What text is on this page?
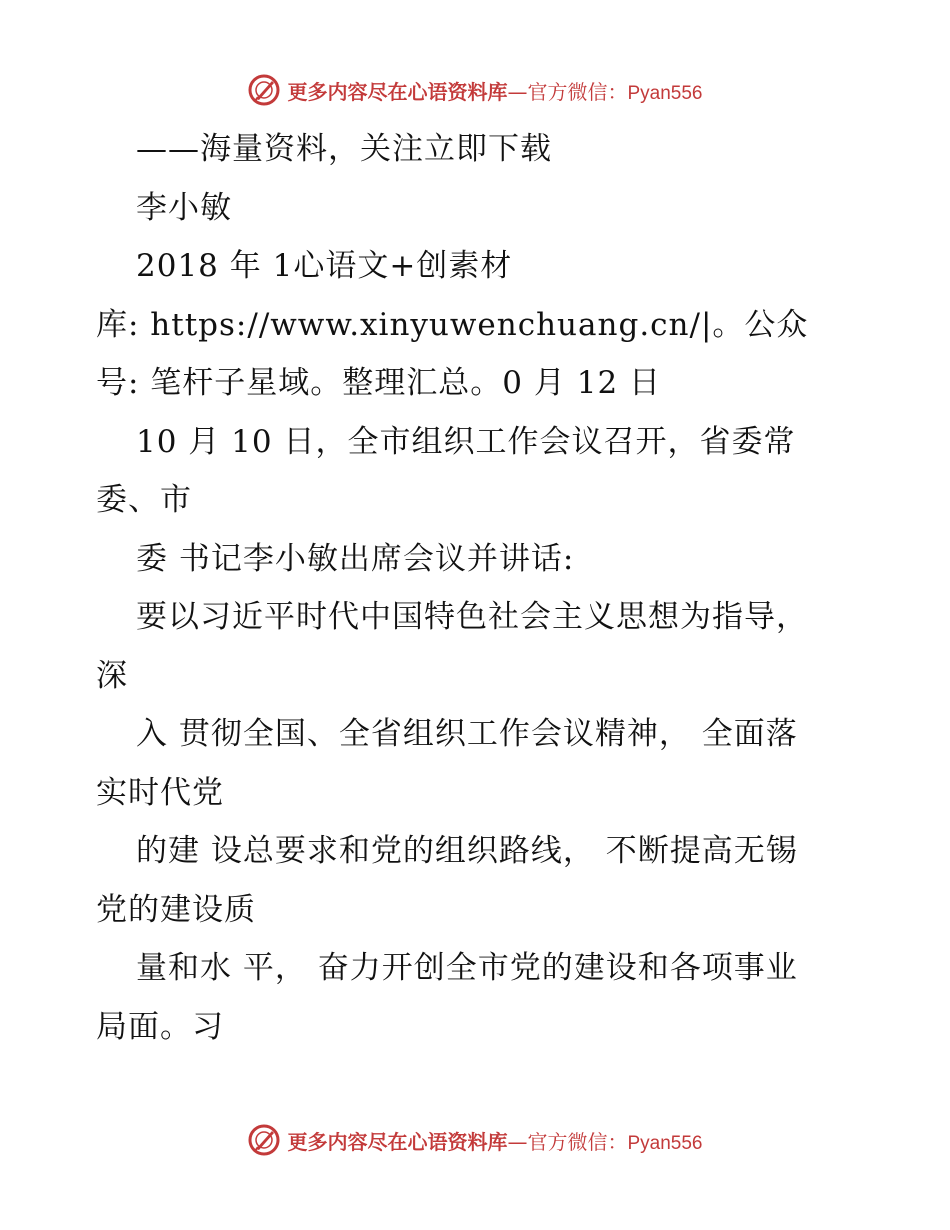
更多内容尽在心语资料库 — 官方微信： Pyan556
——海量资料，关注立即下载
李小敏
2018 年 1心语文+创素材
库: https://www.xinyuwenchuang.cn/|。公众
号: 笔杆子星域。整理汇总。0 月 12 日
10 月 10 日，全市组织工作会议召开，省委常
委、市
委 书记李小敏出席会议并讲话:
要以习近平时代中国特色社会主义思想为指导，
深
入 贯彻全国、全省组织工作会议精神， 全面落
实时代党
的建 设总要求和党的组织路线， 不断提高无锡
党的建设质
量和水 平， 奋力开创全市党的建设和各项事业
局面。习
更多内容尽在心语资料库 — 官方微信： Pyan556
